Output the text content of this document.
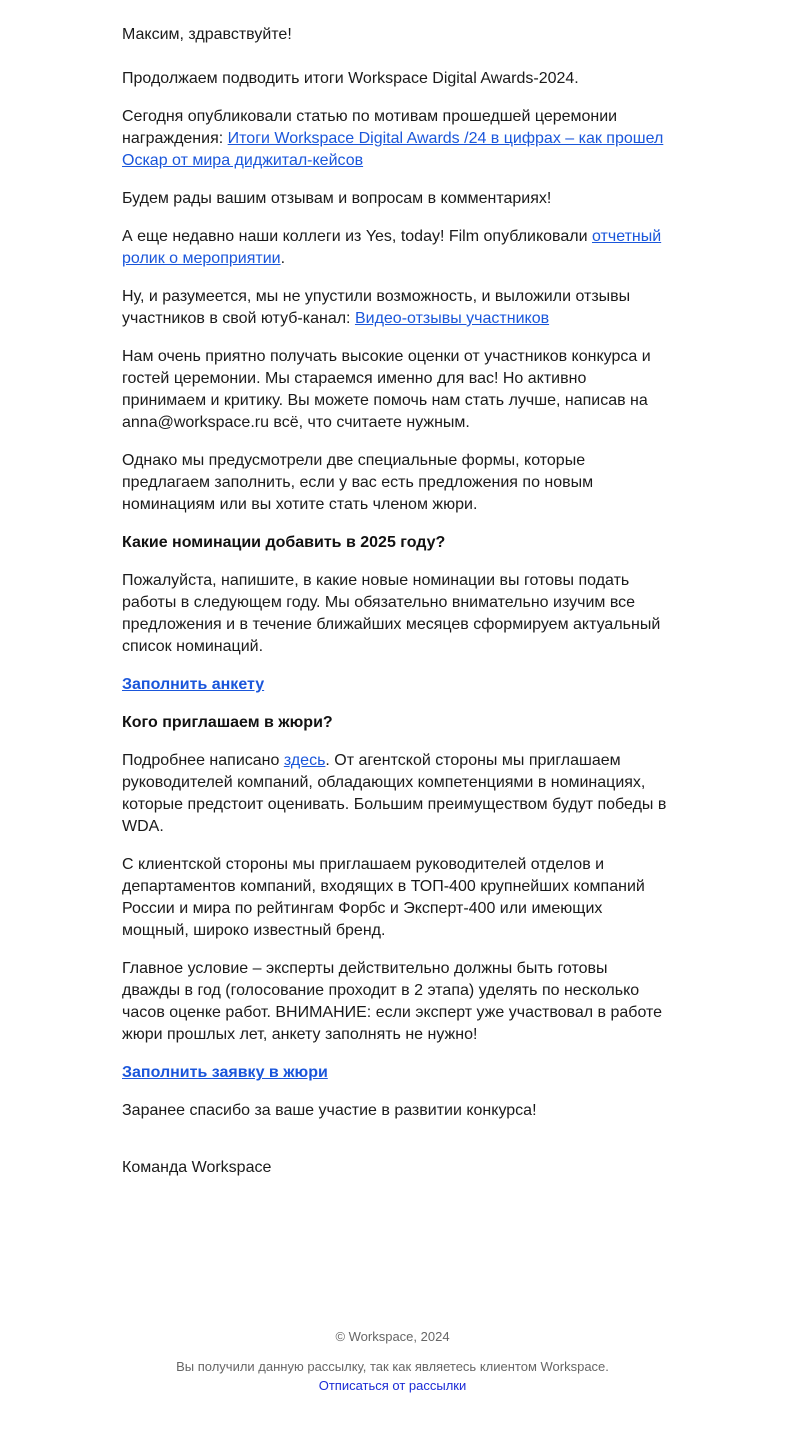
Максим, здравствуйте!

Продолжаем подводить итоги Workspace Digital Awards-2024.

Сегодня опубликовали статью по мотивам прошедшей церемонии награждения: Итоги Workspace Digital Awards /24 в цифрах – как прошел Оскар от мира диджитал-кейсов

Будем рады вашим отзывам и вопросам в комментариях!

А еще недавно наши коллеги из Yes, today! Film опубликовали отчетный ролик о мероприятии.

Ну, и разумеется, мы не упустили возможность, и выложили отзывы участников в свой ютуб-канал: Видео-отзывы участников

Нам очень приятно получать высокие оценки от участников конкурса и гостей церемонии. Мы стараемся именно для вас! Но активно принимаем и критику. Вы можете помочь нам стать лучше, написав на anna@workspace.ru всё, что считаете нужным.

Однако мы предусмотрели две специальные формы, которые предлагаем заполнить, если у вас есть предложения по новым номинациям или вы хотите стать членом жюри.

Какие номинации добавить в 2025 году?

Пожалуйста, напишите, в какие новые номинации вы готовы подать работы в следующем году. Мы обязательно внимательно изучим все предложения и в течение ближайших месяцев сформируем актуальный список номинаций.

Заполнить анкету

Кого приглашаем в жюри?

Подробнее написано здесь. От агентской стороны мы приглашаем руководителей компаний, обладающих компетенциями в номинациях, которые предстоит оценивать. Большим преимуществом будут победы в WDA.

С клиентской стороны мы приглашаем руководителей отделов и департаментов компаний, входящих в ТОП-400 крупнейших компаний России и мира по рейтингам Форбс и Эксперт-400 или имеющих мощный, широко известный бренд.

Главное условие – эксперты действительно должны быть готовы дважды в год (голосование проходит в 2 этапа) уделять по несколько часов оценке работ. ВНИМАНИЕ: если эксперт уже участвовал в работе жюри прошлых лет, анкету заполнять не нужно!

Заполнить заявку в жюри

Заранее спасибо за ваше участие в развитии конкурса!

Команда Workspace

© Workspace, 2024

Вы получили данную рассылку, так как являетесь клиентом Workspace.

Отписаться от рассылки
